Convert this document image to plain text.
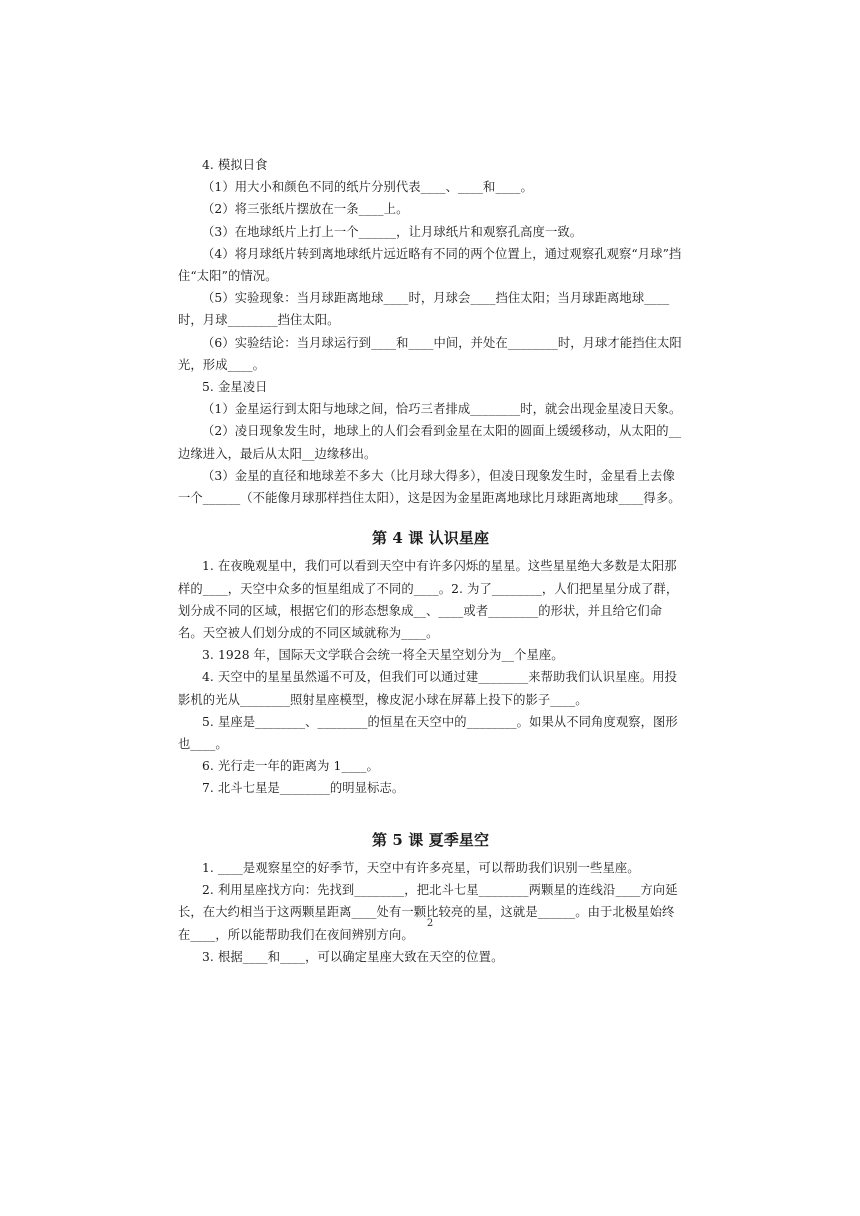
4. 模拟日食

（1）用大小和颜色不同的纸片分别代表____、____和____。

（2）将三张纸片摆放在一条____上。

（3）在地球纸片上打上一个______，让月球纸片和观察孔高度一致。

（4）将月球纸片转到离地球纸片远近略有不同的两个位置上，通过观察孔观察“月球”挡住“太阳”的情况。

（5）实验现象：当月球距离地球____时，月球会____挡住太阳；当月球距离地球____时，月球________挡住太阳。

（6）实验结论：当月球运行到____和____中间，并处在________时，月球才能挡住太阳光，形成____。

5. 金星凌日

（1）金星运行到太阳与地球之间，恰巧三者排成________时，就会出现金星凌日天象。

（2）凌日现象发生时，地球上的人们会看到金星在太阳的圆面上缓缓移动，从太阳的__边缘进入，最后从太阳__边缘移出。

（3）金星的直径和地球差不多大（比月球大得多），但凌日现象发生时，金星看上去像一个______（不能像月球那样挡住太阳），这是因为金星距离地球比月球距离地球____得多。

第 4 课 认识星座

1. 在夜晚观星中，我们可以看到天空中有许多闪烁的星星。这些星星绝大多数是太阳那样的____，天空中众多的恒星组成了不同的____。2. 为了________，人们把星星分成了群，划分成不同的区域，根据它们的形态想象成__、____或者________的形状，并且给它们命名。天空被人们划分成的不同区域就称为____。

3. 1928 年，国际天文学联合会统一将全天星空划分为__个星座。

4. 天空中的星星虽然遥不可及，但我们可以通过建________来帮助我们认识星座。用投影机的光从________照射星座模型，橡皮泥小球在屏幕上投下的影子____。

5. 星座是________、________的恒星在天空中的________。如果从不同角度观察，图形也____。

6. 光行走一年的距离为 1____。

7. 北斗七星是________的明显标志。

第 5 课 夏季星空

1. ____是观察星空的好季节，天空中有许多亮星，可以帮助我们识别一些星座。

2. 利用星座找方向：先找到________，把北斗七星________两颗星的连线沿____方向延长，在大约相当于这两颗星距离____处有一颗比较亮的星，这就是______。由于北极星始终在____，所以能帮助我们在夜间辨别方向。

3. 根据____和____，可以确定星座大致在天空的位置。

2
